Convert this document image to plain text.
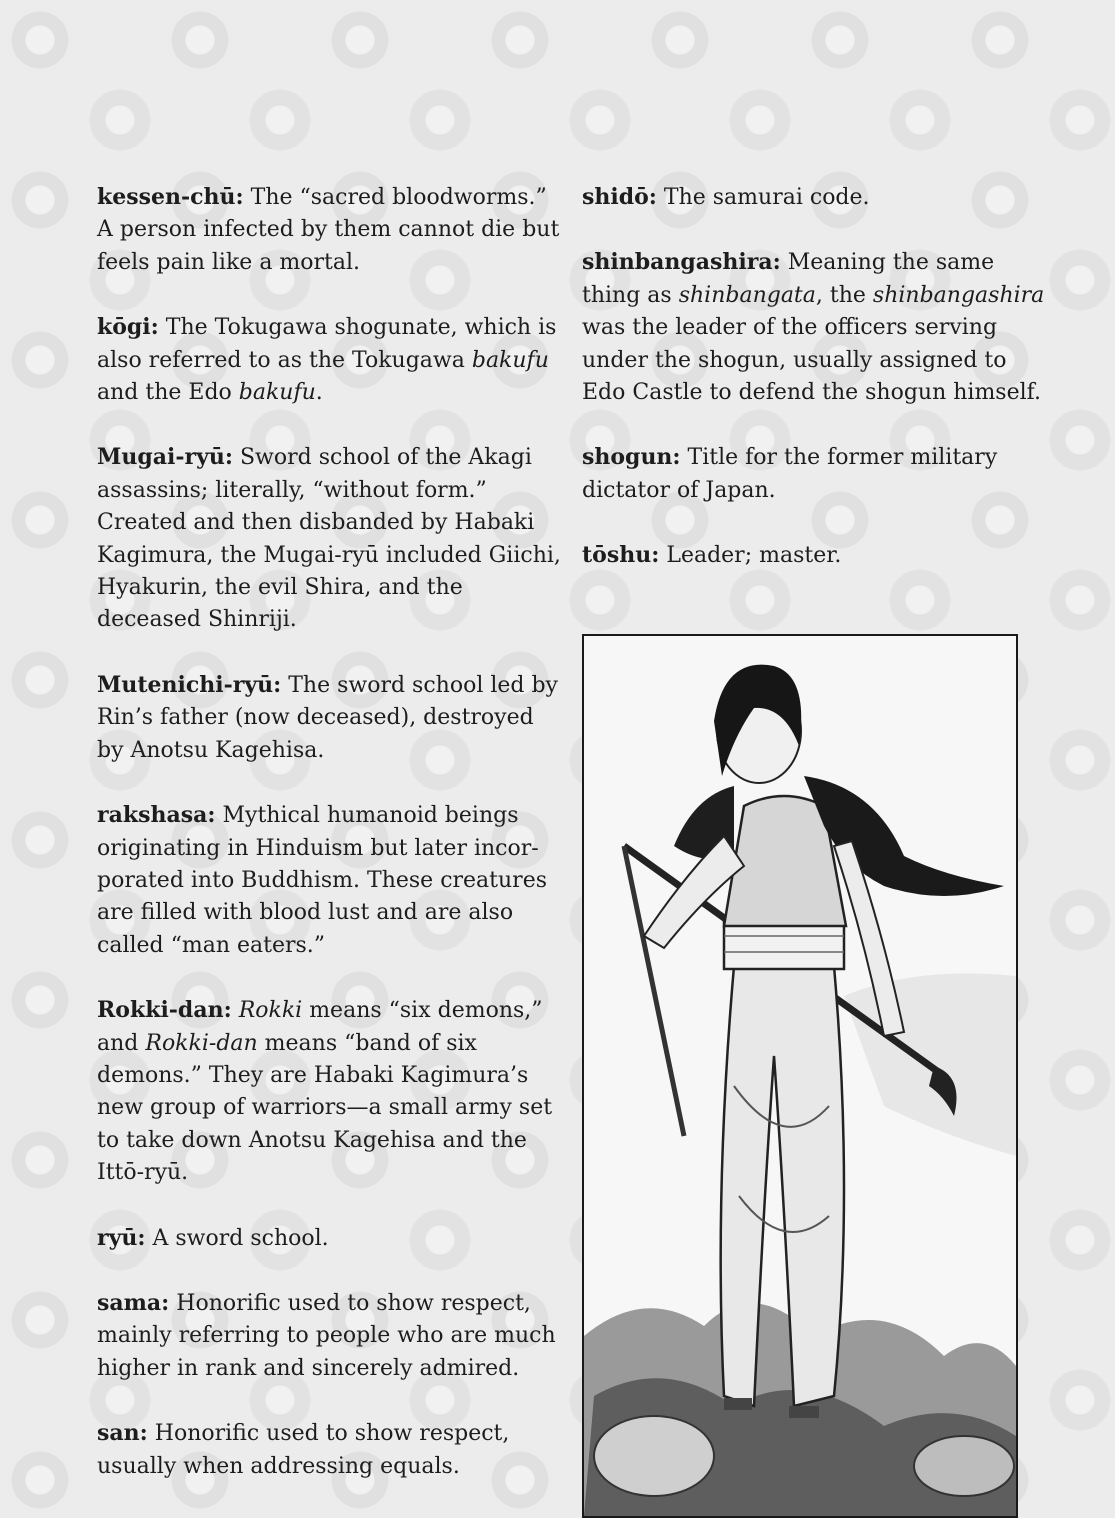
kessen-chū: The “sacred bloodworms.” A person infected by them cannot die but feels pain like a mortal.

kōgi: The Tokugawa shogunate, which is also referred to as the Tokugawa bakufu and the Edo bakufu.

Mugai-ryū: Sword school of the Akagi assassins; literally, “without form.” Created and then disbanded by Habaki Kagimura, the Mugai-ryū included Giichi, Hyakurin, the evil Shira, and the deceased Shinriji.

Mutenichi-ryū: The sword school led by Rin’s father (now deceased), destroyed by Anotsu Kagehisa.

rakshasa: Mythical humanoid beings originating in Hinduism but later incor-porated into Buddhism. These creatures are filled with blood lust and are also called “man eaters.”

Rokki-dan: Rokki means “six demons,” and Rokki-dan means “band of six demons.” They are Habaki Kagimura’s new group of warriors—a small army set to take down Anotsu Kagehisa and the Ittō-ryū.

ryū: A sword school.

sama: Honorific used to show respect, mainly referring to people who are much higher in rank and sincerely admired.

san: Honorific used to show respect, usually when addressing equals.

shidō: The samurai code.

shinbangashira: Meaning the same thing as shinbangata, the shinbangashira was the leader of the officers serving under the shogun, usually assigned to Edo Castle to defend the shogun himself.

shogun: Title for the former military dictator of Japan.

tōshu: Leader; master.
